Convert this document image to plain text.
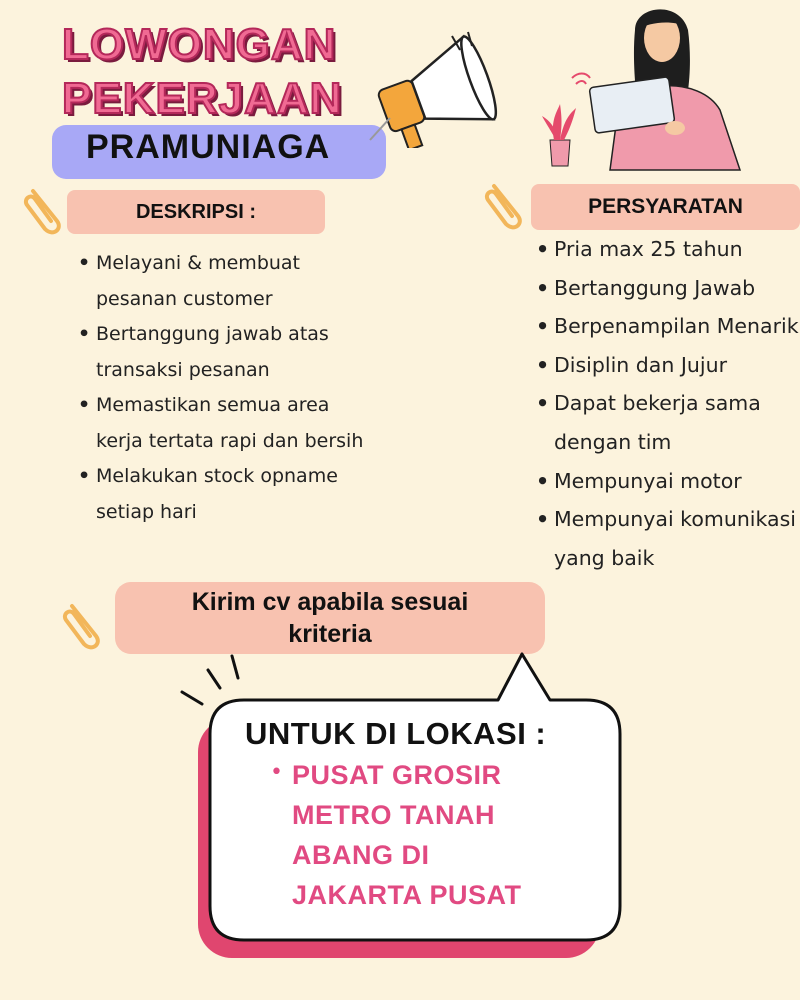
LOWONGAN
PEKERJAAN
PRAMUNIAGA
DESKRIPSI :
• Melayani & membuat
pesanan customer
• Bertanggung jawab atas
transaksi pesanan
• Memastikan semua area
kerja tertata rapi dan bersih
• Melakukan stock opname
setiap hari
PERSYARATAN
• Pria max 25 tahun
• Bertanggung Jawab
• Berpenampilan Menarik
• Disiplin dan Jujur
• Dapat bekerja sama
dengan tim
• Mempunyai motor
• Mempunyai komunikasi
yang baik
Kirim cv apabila sesuai
kriteria
UNTUK DI LOKASI :
• PUSAT GROSIR
METRO TANAH
ABANG DI
JAKARTA PUSAT
